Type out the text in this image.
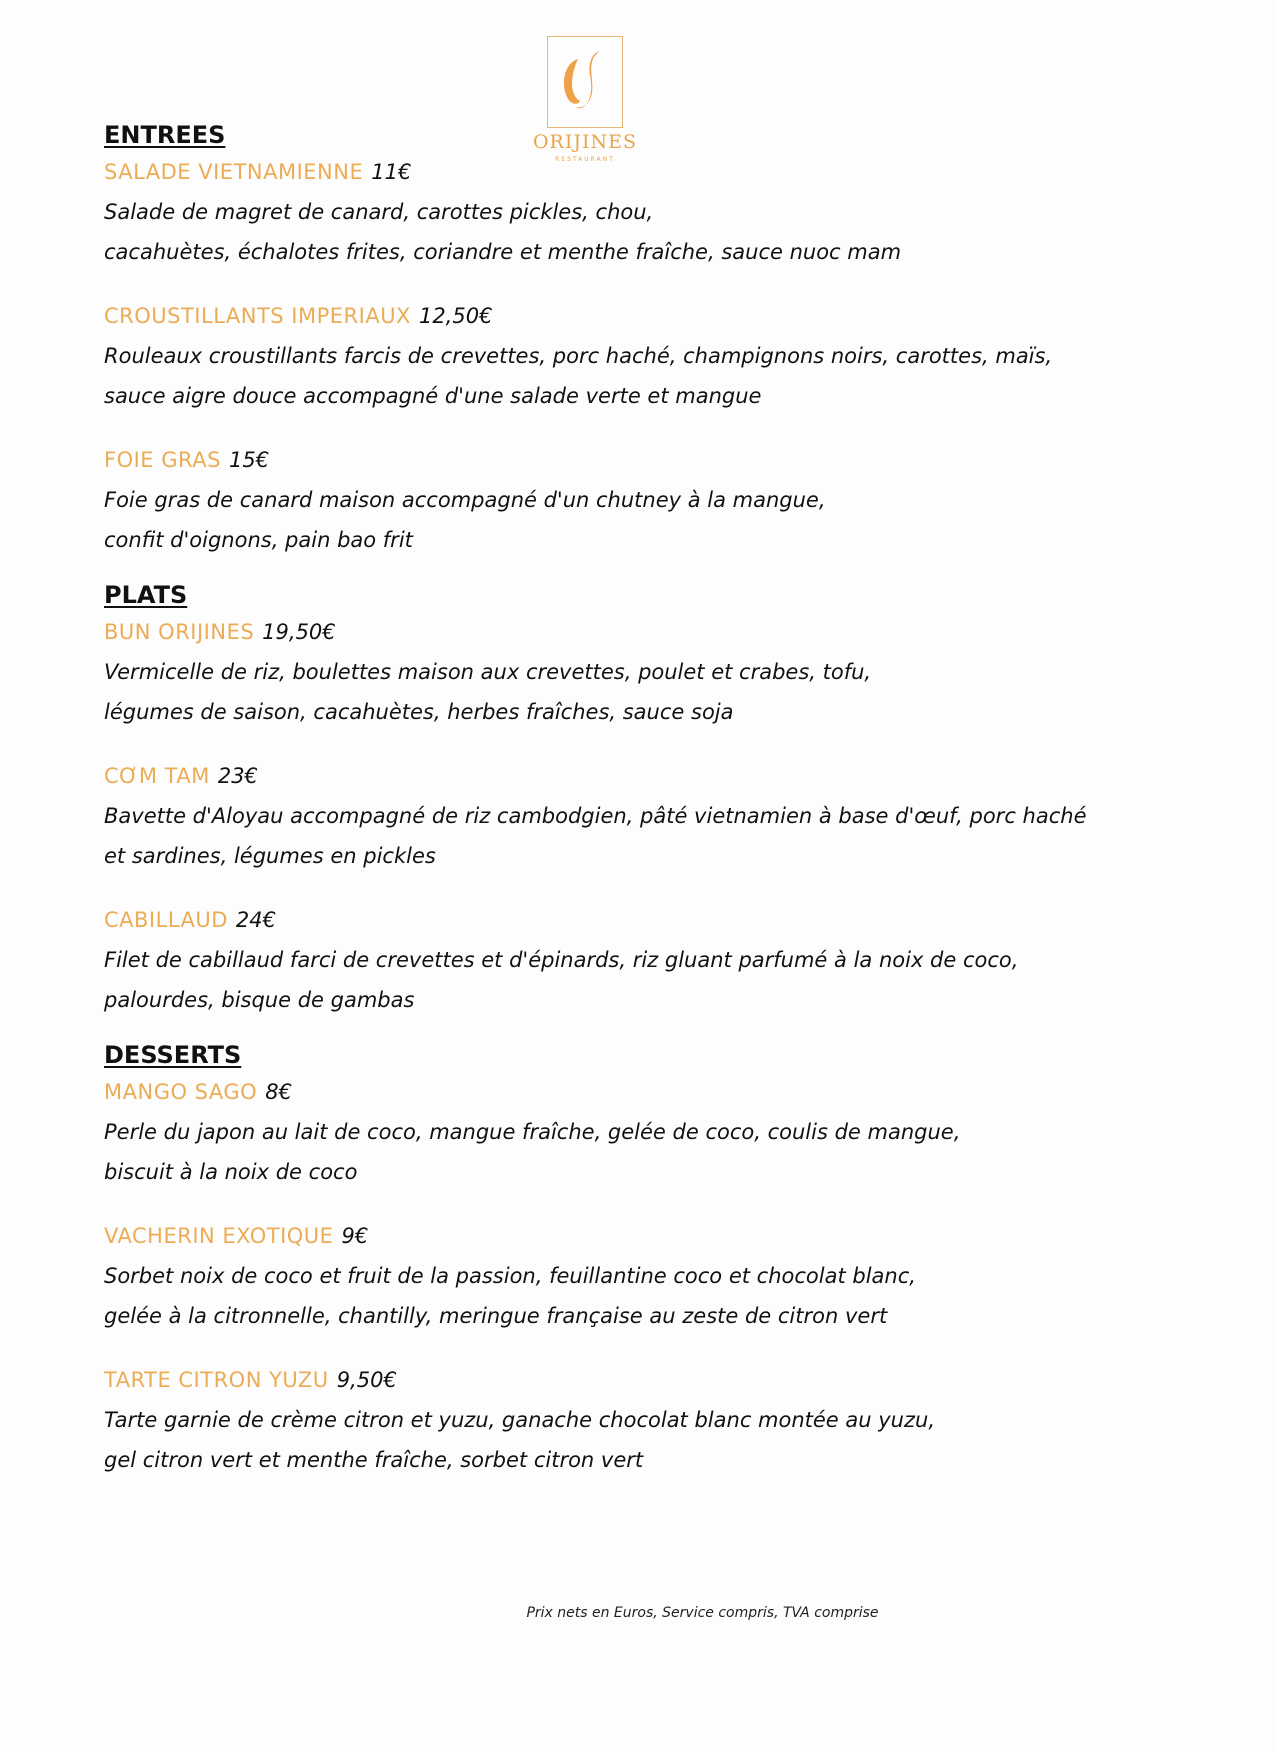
ORIJINES
RESTAURANT
ENTREES
SALADE VIETNAMIENNE 11€
Salade de magret de canard, carottes pickles, chou,
cacahuètes, échalotes frites, coriandre et menthe fraîche, sauce nuoc mam
CROUSTILLANTS IMPERIAUX 12,50€
Rouleaux croustillants farcis de crevettes, porc haché, champignons noirs, carottes, maïs,
sauce aigre douce accompagné d'une salade verte et mangue
FOIE GRAS 15€
Foie gras de canard maison accompagné d'un chutney à la mangue,
confit d'oignons, pain bao frit
PLATS
BUN ORIJINES 19,50€
Vermicelle de riz, boulettes maison aux crevettes, poulet et crabes, tofu,
légumes de saison, cacahuètes, herbes fraîches, sauce soja
CƠM TAM 23€
Bavette d'Aloyau accompagné de riz cambodgien, pâté vietnamien à base d'œuf, porc haché
et sardines, légumes en pickles
CABILLAUD 24€
Filet de cabillaud farci de crevettes et d'épinards, riz gluant parfumé à la noix de coco,
palourdes, bisque de gambas
DESSERTS
MANGO SAGO 8€
Perle du japon au lait de coco, mangue fraîche, gelée de coco, coulis de mangue,
biscuit à la noix de coco
VACHERIN EXOTIQUE 9€
Sorbet noix de coco et fruit de la passion, feuillantine coco et chocolat blanc,
gelée à la citronnelle, chantilly, meringue française au zeste de citron vert
TARTE CITRON YUZU 9,50€
Tarte garnie de crème citron et yuzu, ganache chocolat blanc montée au yuzu,
gel citron vert et menthe fraîche, sorbet citron vert
Prix nets en Euros, Service compris, TVA comprise
